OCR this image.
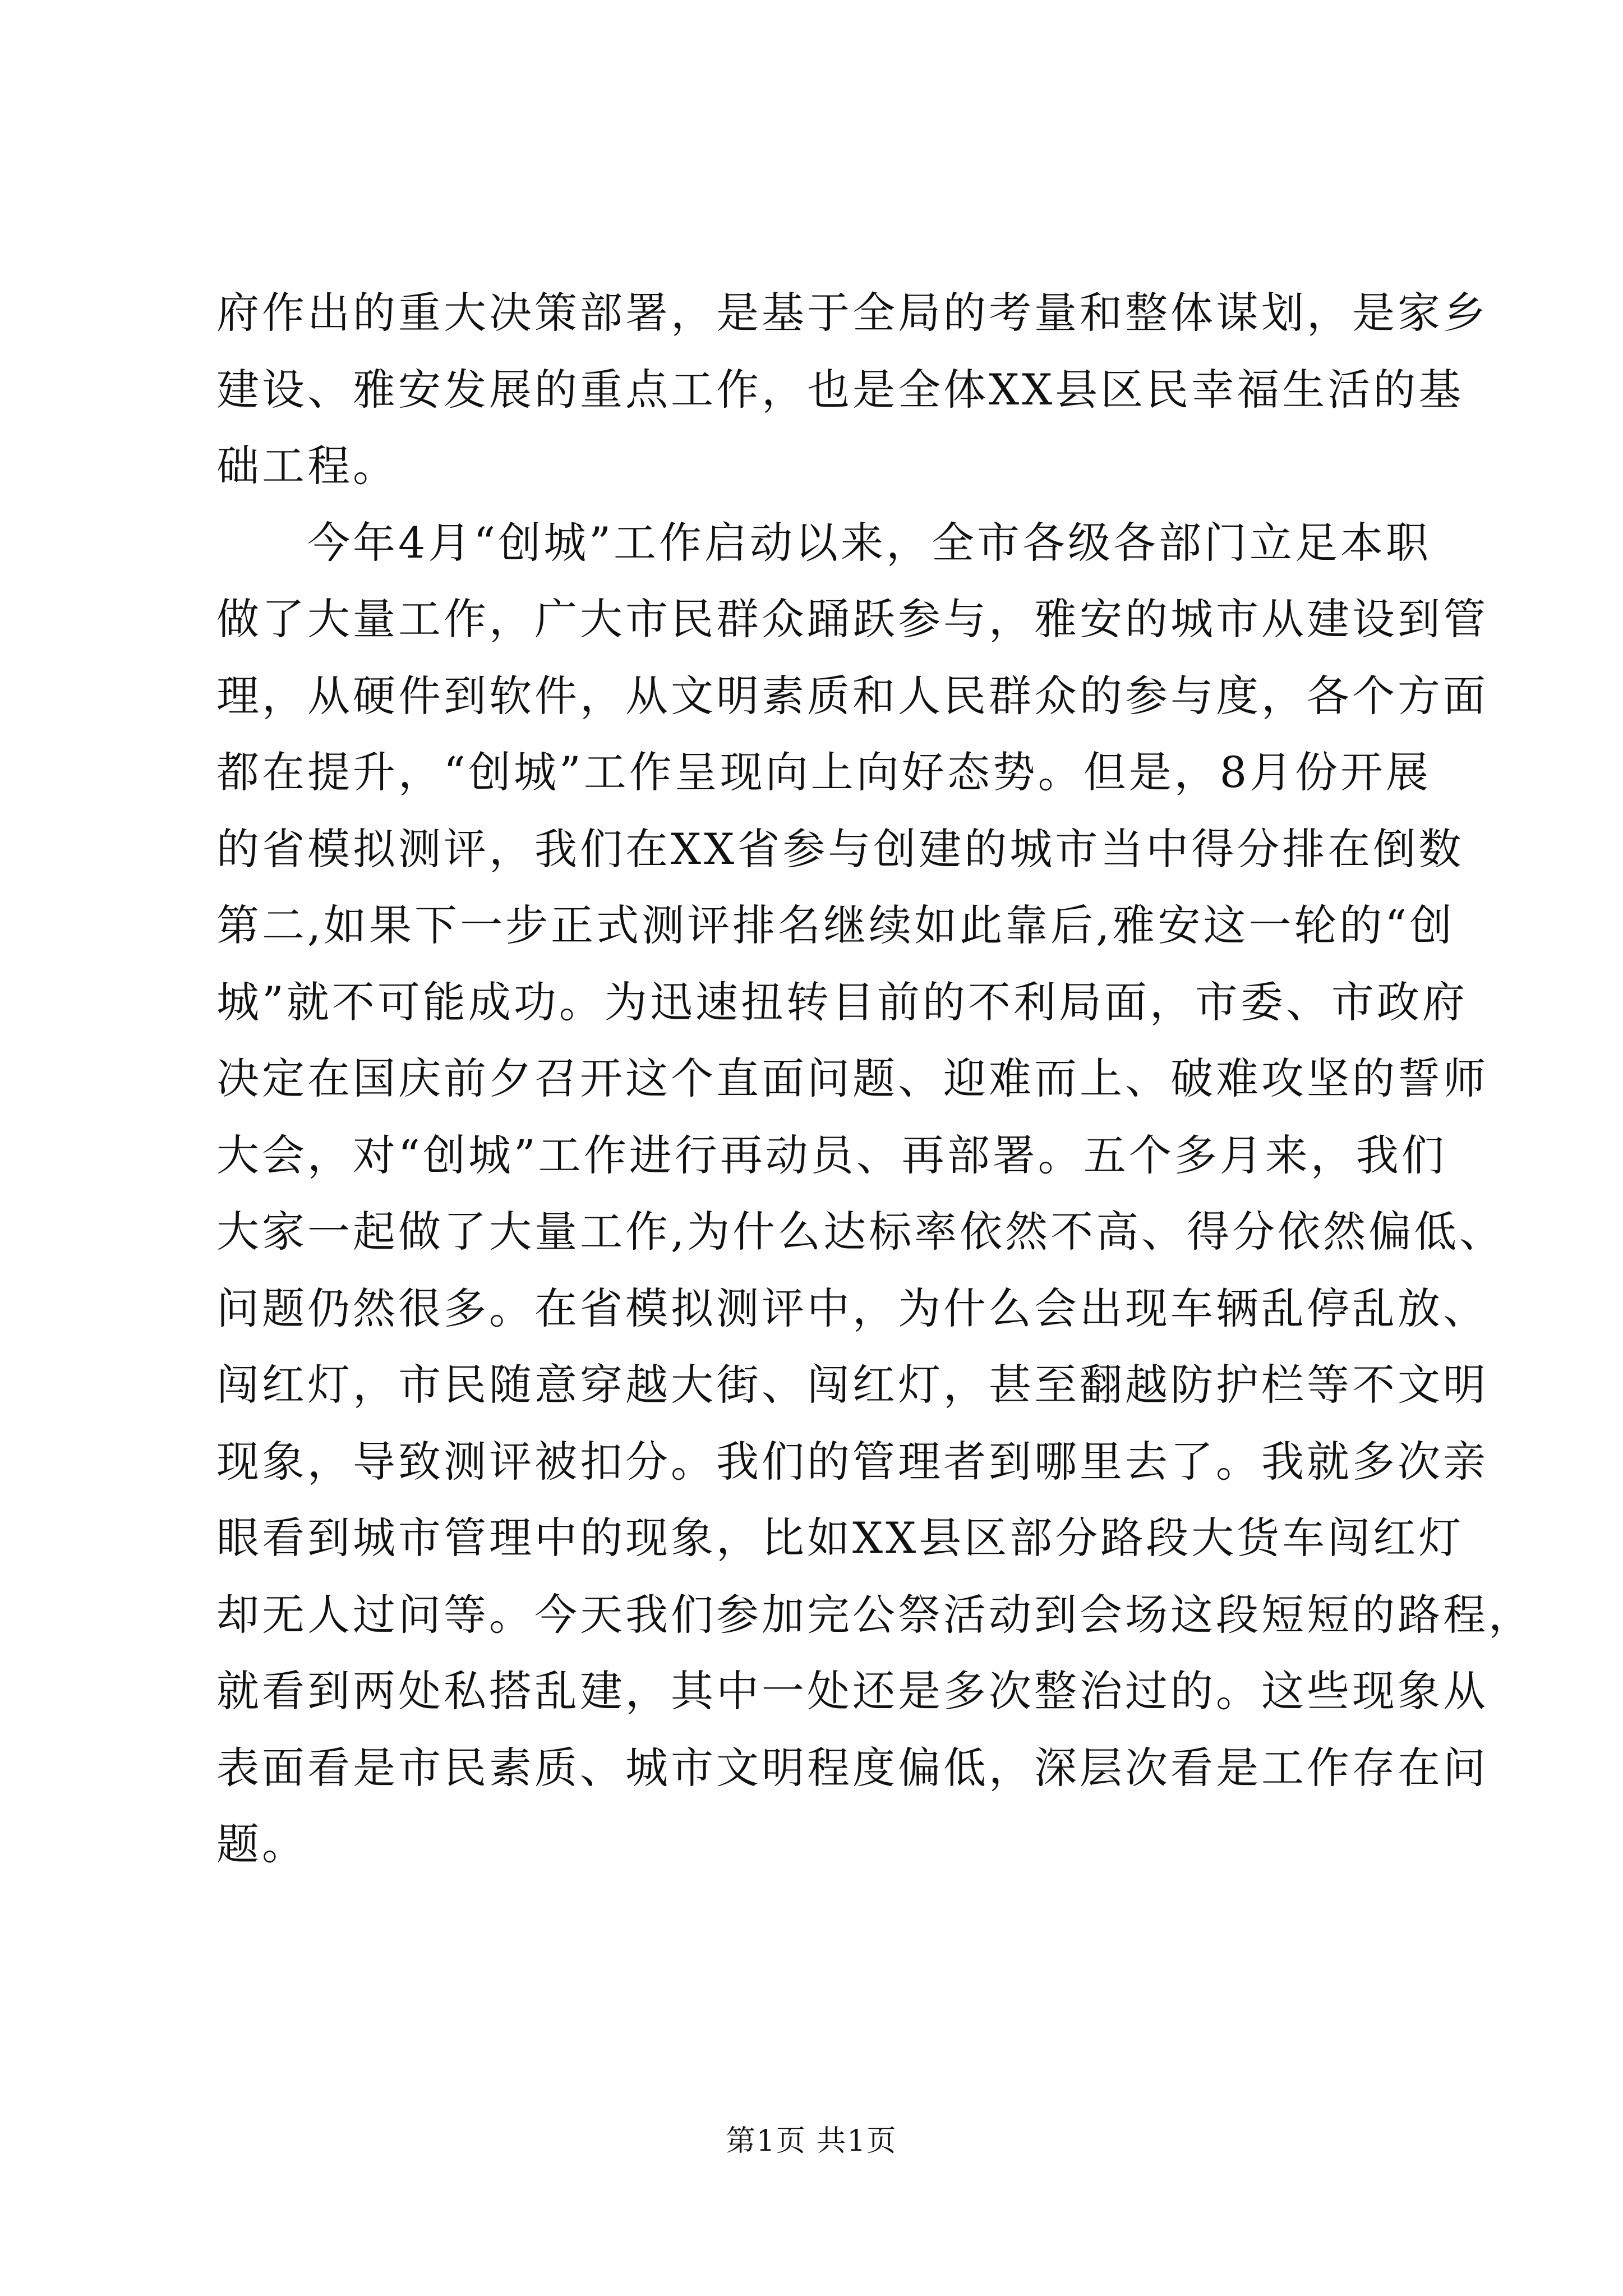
府作出的重大决策部署，是基于全局的考量和整体谋划，是家乡
建设、雅安发展的重点工作，也是全体XX县区民幸福生活的基
础工程。
　　今年4月“创城”工作启动以来，全市各级各部门立足本职
做了大量工作，广大市民群众踊跃参与，雅安的城市从建设到管
理，从硬件到软件，从文明素质和人民群众的参与度，各个方面
都在提升，“创城”工作呈现向上向好态势。但是，8月份开展
的省模拟测评，我们在XX省参与创建的城市当中得分排在倒数
第二,如果下一步正式测评排名继续如此靠后,雅安这一轮的“创
城”就不可能成功。为迅速扭转目前的不利局面，市委、市政府
决定在国庆前夕召开这个直面问题、迎难而上、破难攻坚的誓师
大会，对“创城”工作进行再动员、再部署。五个多月来，我们
大家一起做了大量工作,为什么达标率依然不高、得分依然偏低、
问题仍然很多。在省模拟测评中，为什么会出现车辆乱停乱放、
闯红灯，市民随意穿越大街、闯红灯，甚至翻越防护栏等不文明
现象，导致测评被扣分。我们的管理者到哪里去了。我就多次亲
眼看到城市管理中的现象，比如XX县区部分路段大货车闯红灯
却无人过问等。今天我们参加完公祭活动到会场这段短短的路程，
就看到两处私搭乱建，其中一处还是多次整治过的。这些现象从
表面看是市民素质、城市文明程度偏低，深层次看是工作存在问
题。
第1页 共1页
